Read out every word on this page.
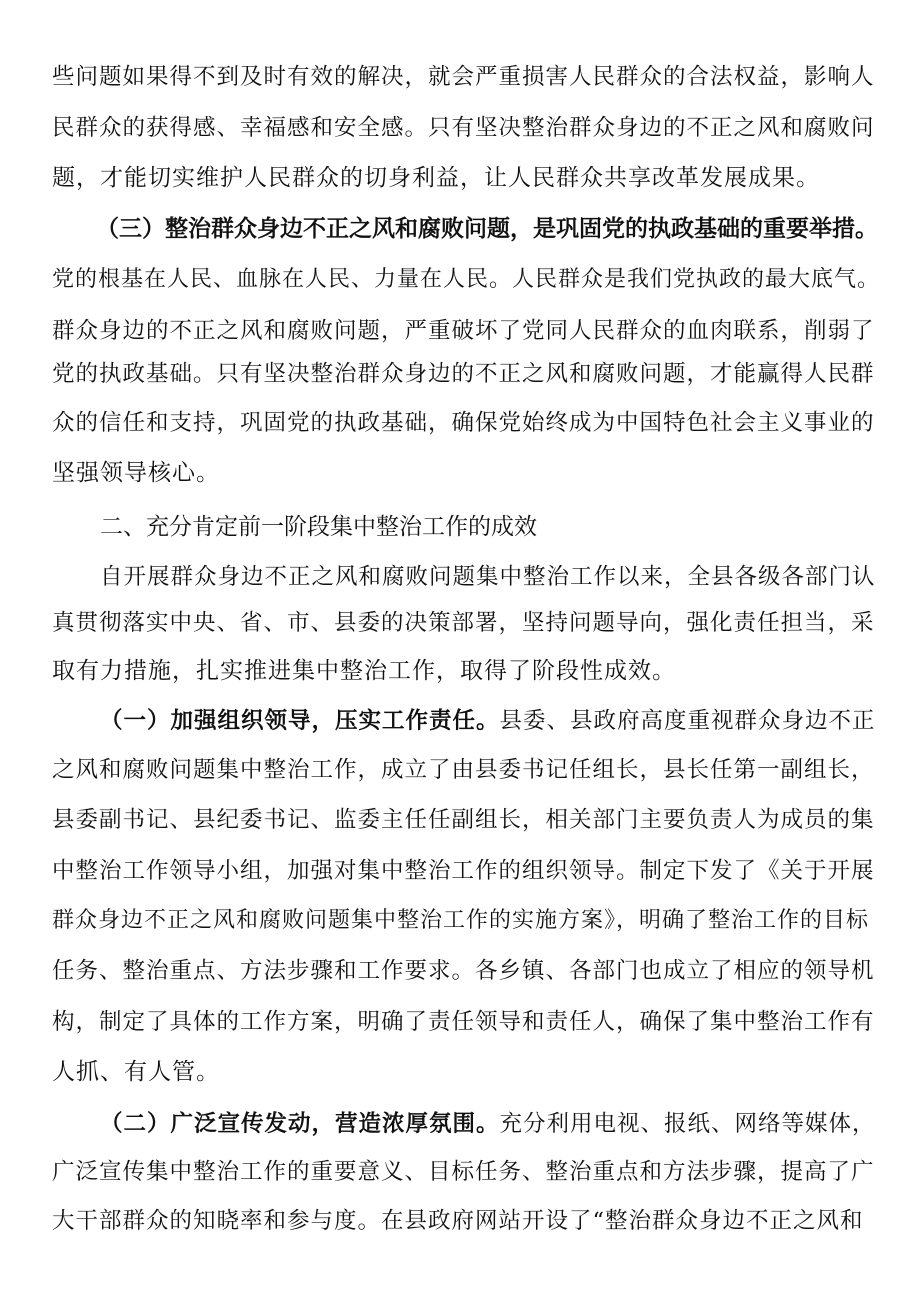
些问题如果得不到及时有效的解决，就会严重损害人民群众的合法权益，影响人
民群众的获得感、幸福感和安全感。只有坚决整治群众身边的不正之风和腐败问
题，才能切实维护人民群众的切身利益，让人民群众共享改革发展成果。
（三）整治群众身边不正之风和腐败问题，是巩固党的执政基础的重要举措。
党的根基在人民、血脉在人民、力量在人民。人民群众是我们党执政的最大底气。
群众身边的不正之风和腐败问题，严重破坏了党同人民群众的血肉联系，削弱了
党的执政基础。只有坚决整治群众身边的不正之风和腐败问题，才能赢得人民群
众的信任和支持，巩固党的执政基础，确保党始终成为中国特色社会主义事业的
坚强领导核心。
二、充分肯定前一阶段集中整治工作的成效
自开展群众身边不正之风和腐败问题集中整治工作以来，全县各级各部门认
真贯彻落实中央、省、市、县委的决策部署，坚持问题导向，强化责任担当，采
取有力措施，扎实推进集中整治工作，取得了阶段性成效。
（一）加强组织领导，压实工作责任。县委、县政府高度重视群众身边不正
之风和腐败问题集中整治工作，成立了由县委书记任组长，县长任第一副组长，
县委副书记、县纪委书记、监委主任任副组长，相关部门主要负责人为成员的集
中整治工作领导小组，加强对集中整治工作的组织领导。制定下发了《关于开展
群众身边不正之风和腐败问题集中整治工作的实施方案》，明确了整治工作的目标
任务、整治重点、方法步骤和工作要求。各乡镇、各部门也成立了相应的领导机
构，制定了具体的工作方案，明确了责任领导和责任人，确保了集中整治工作有
人抓、有人管。
（二）广泛宣传发动，营造浓厚氛围。充分利用电视、报纸、网络等媒体，
广泛宣传集中整治工作的重要意义、目标任务、整治重点和方法步骤，提高了广
大干部群众的知晓率和参与度。在县政府网站开设了“整治群众身边不正之风和
